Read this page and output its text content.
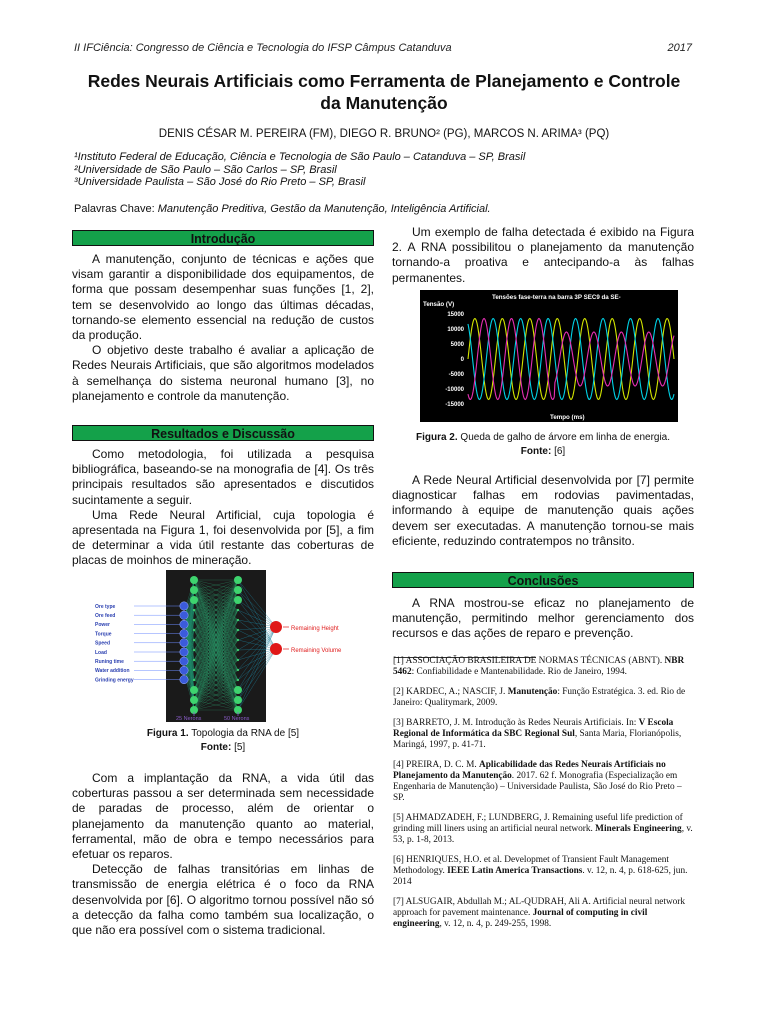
II IFCiência: Congresso de Ciência e Tecnologia do IFSP Câmpus Catanduva	2017
Redes Neurais Artificiais como Ferramenta de Planejamento e Controle
da Manutenção
DENIS CÉSAR M. PEREIRA (FM), DIEGO R. BRUNO² (PG), MARCOS N. ARIMA³ (PQ)
¹Instituto Federal de Educação, Ciência e Tecnologia de São Paulo – Catanduva – SP, Brasil
²Universidade de São Paulo – São Carlos – SP, Brasil
³Universidade Paulista – São José do Rio Preto – SP, Brasil
Palavras Chave: Manutenção Preditiva, Gestão da Manutenção, Inteligência Artificial.
Introdução

A manutenção, conjunto de técnicas e ações que visam garantir a disponibilidade dos equipamentos, de forma que possam desempenhar suas funções [1, 2], tem se desenvolvido ao longo das últimas décadas, tornando-se elemento essencial na redução de custos da produção.

O objetivo deste trabalho é avaliar a aplicação de Redes Neurais Artificiais, que são algoritmos modelados à semelhança do sistema neuronal humano [3], no planejamento e controle da manutenção.

Resultados e Discussão

Como metodologia, foi utilizada a pesquisa bibliográfica, baseando-se na monografia de [4]. Os três principais resultados são apresentados e discutidos sucintamente a seguir.

Uma Rede Neural Artificial, cuja topologia é apresentada na Figura 1, foi desenvolvida por [5], a fim de determinar a vida útil restante das coberturas de placas de moinhos de mineração.

Ore type
Ore feed
Power
Torque
Speed
Load
Runing time
Water addition
Grinding energy
Remaining Height
Remaining Volume
25 Nerons	50 Nerons
Figura 1. Topologia da RNA de [5]
Fonte: [5]

Com a implantação da RNA, a vida útil das coberturas passou a ser determinada sem necessidade de paradas de processo, além de orientar o planejamento da manutenção quanto ao material, ferramental, mão de obra e tempo necessários para efetuar os reparos.

Detecção de falhas transitórias em linhas de transmissão de energia elétrica é o foco da RNA desenvolvida por [6]. O algoritmo tornou possível não só a detecção da falha como também sua localização, o que não era possível com o sistema tradicional.

Um exemplo de falha detectada é exibido na Figura 2. A RNA possibilitou o planejamento da manutenção tornando-a proativa e antecipando-a às falhas permanentes.

Tensões fase-terra na barra 3P SEC9 da SE-
Tensão (V)
Tempo (ms)
15000
10000
5000
0
-5000
-10000
-15000
Figura 2. Queda de galho de árvore em linha de energia.
Fonte: [6]

A Rede Neural Artificial desenvolvida por [7] permite diagnosticar falhas em rodovias pavimentadas, informando à equipe de manutenção quais ações devem ser executadas. A manutenção tornou-se mais eficiente, reduzindo contratempos no trânsito.

Conclusões

A RNA mostrou-se eficaz no planejamento de manutenção, permitindo melhor gerenciamento dos recursos e das ações de reparo e prevenção.

[1] ASSOCIAÇÃO BRASILEIRA DE NORMAS TÉCNICAS (ABNT). NBR 5462: Confiabilidade e Mantenabilidade. Rio de Janeiro, 1994.

[2] KARDEC, A.; NASCIF, J. Manutenção: Função Estratégica. 3. ed. Rio de Janeiro: Qualitymark, 2009.

[3] BARRETO, J. M. Introdução às Redes Neurais Artificiais. In: V Escola Regional de Informática da SBC Regional Sul, Santa Maria, Florianópolis, Maringá, 1997, p. 41-71.

[4] PREIRA, D. C. M. Aplicabilidade das Redes Neurais Artificiais no Planejamento da Manutenção. 2017. 62 f. Monografia (Especialização em Engenharia de Manutenção) – Universidade Paulista, São José do Rio Preto – SP.

[5] AHMADZADEH, F.; LUNDBERG, J. Remaining useful life prediction of grinding mill liners using an artificial neural network. Minerals Engineering, v. 53, p. 1-8, 2013.

[6] HENRIQUES, H.O. et al. Developmet of Transient Fault Management Methodology. IEEE Latin America Transactions. v. 12, n. 4, p. 618-625, jun. 2014

[7] ALSUGAIR, Abdullah M.; AL-QUDRAH, Ali A. Artificial neural network approach for pavement maintenance. Journal of computing in civil engineering, v. 12, n. 4, p. 249-255, 1998.
